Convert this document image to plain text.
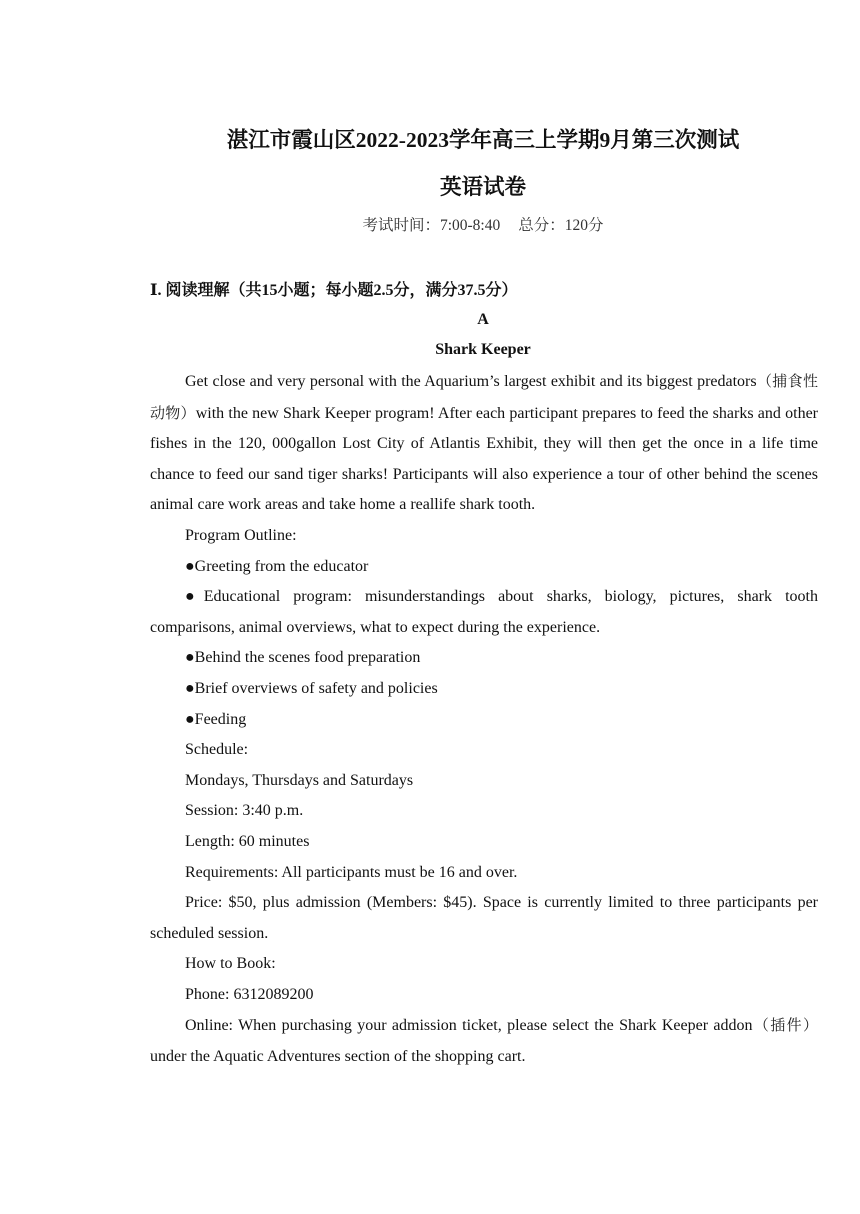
湛江市霞山区2022-2023学年高三上学期9月第三次测试
英语试卷
考试时间：7:00-8:40 总分：120分
Ⅰ. 阅读理解（共15小题；每小题2.5分，满分37.5分）
A
Shark Keeper

Get close and very personal with the Aquarium’s largest exhibit and its biggest predators（捕食性动物）with the new Shark Keeper program! After each participant prepares to feed the sharks and other fishes in the 120, 000gallon Lost City of Atlantis Exhibit, they will then get the once in a life time chance to feed our sand tiger sharks! Participants will also experience a tour of other behind the scenes animal care work areas and take home a reallife shark tooth.

Program Outline:

●Greeting from the educator

●Educational program: misunderstandings about sharks, biology, pictures, shark tooth comparisons, animal overviews, what to expect during the experience.

●Behind the scenes food preparation

●Brief overviews of safety and policies

●Feeding

Schedule:

Mondays, Thursdays and Saturdays

Session: 3:40 p.m.

Length: 60 minutes

Requirements: All participants must be 16 and over.

Price: $50, plus admission (Members: $45). Space is currently limited to three participants per scheduled session.

How to Book:

Phone: 6312089200

Online: When purchasing your admission ticket, please select the Shark Keeper addon（插件）under the Aquatic Adventures section of the shopping cart.
